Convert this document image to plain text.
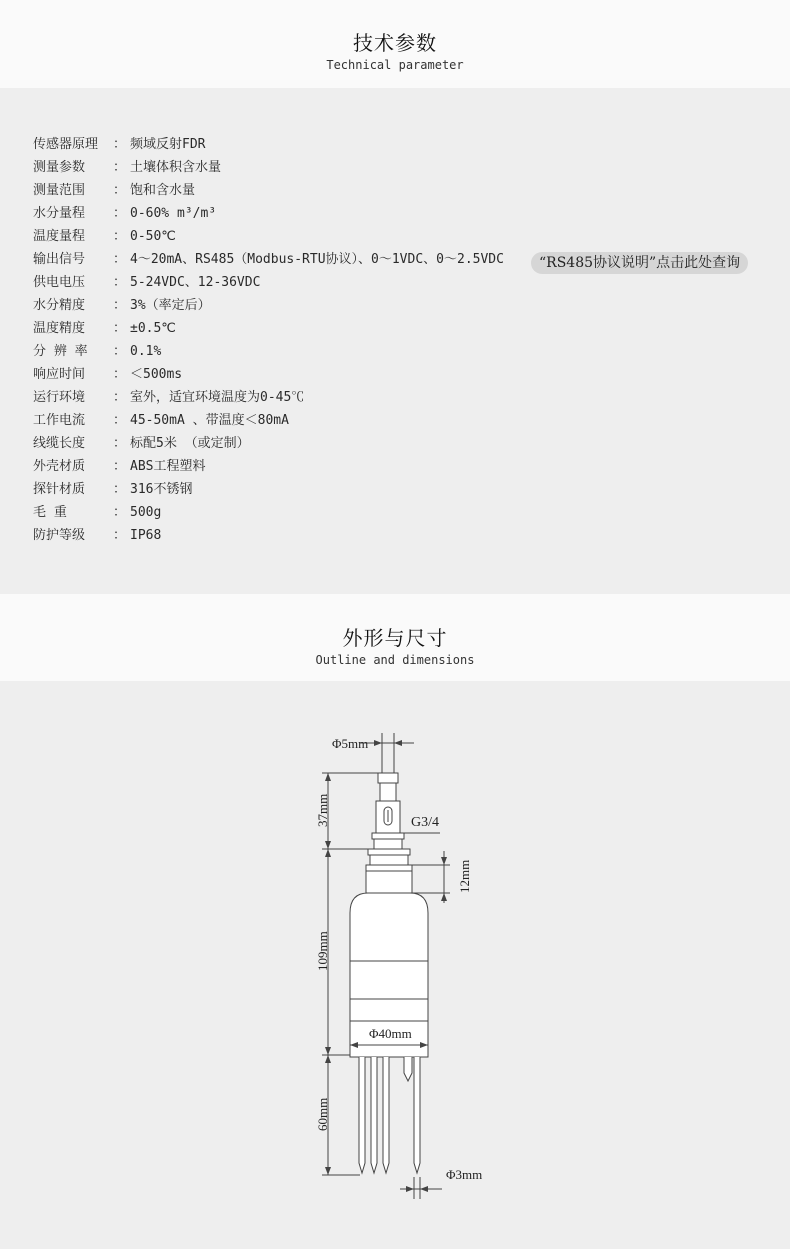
技术参数
Technical parameter
传感器原理 ： 频域反射FDR
测量参数 ： 土壤体积含水量
测量范围 ： 饱和含水量
水分量程 ： 0-60% m³/m³
温度量程 ： 0-50℃
输出信号 ： 4～20mA、RS485（Modbus-RTU协议）、0～1VDC、0～2.5VDC
供电电压 ： 5-24VDC、12-36VDC
水分精度 ： 3%（率定后）
温度精度 ： ±0.5℃
分 辨 率 ： 0.1%
响应时间 ： ＜500ms
运行环境 ： 室外，适宜环境温度为0-45℃
工作电流 ： 45-50mA 、带温度＜80mA
线缆长度 ： 标配5米 （或定制）
外壳材质 ： ABS工程塑料
探针材质 ： 316不锈钢
毛 重	： 500g
防护等级 ： IP68
“RS485协议说明”点击此处查询
外形与尺寸
Outline and dimensions
Φ5mm
G3/4
37mm
12mm
109mm
Φ40mm
60mm
Φ3mm
